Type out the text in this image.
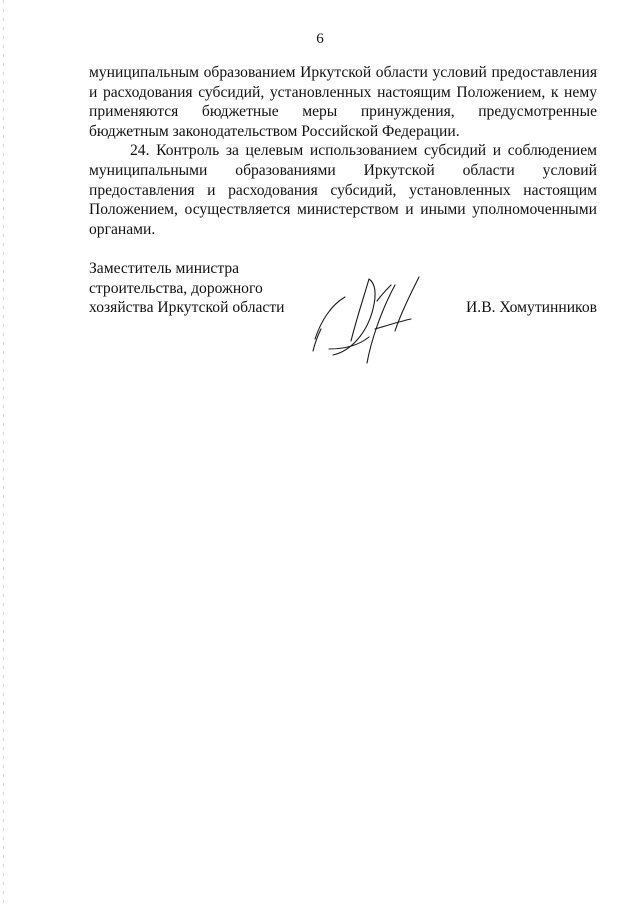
6

муниципальным образованием Иркутской области условий предоставления и расходования субсидий, установленных настоящим Положением, к нему применяются бюджетные меры принуждения, предусмотренные бюджетным законодательством Российской Федерации.

24. Контроль за целевым использованием субсидий и соблюдением муниципальными образованиями Иркутской области условий предоставления и расходования субсидий, установленных настоящим Положением, осуществляется министерством и иными уполномоченными органами.

Заместитель министра
строительства, дорожного
хозяйства Иркутской области	И.В. Хомутинников
